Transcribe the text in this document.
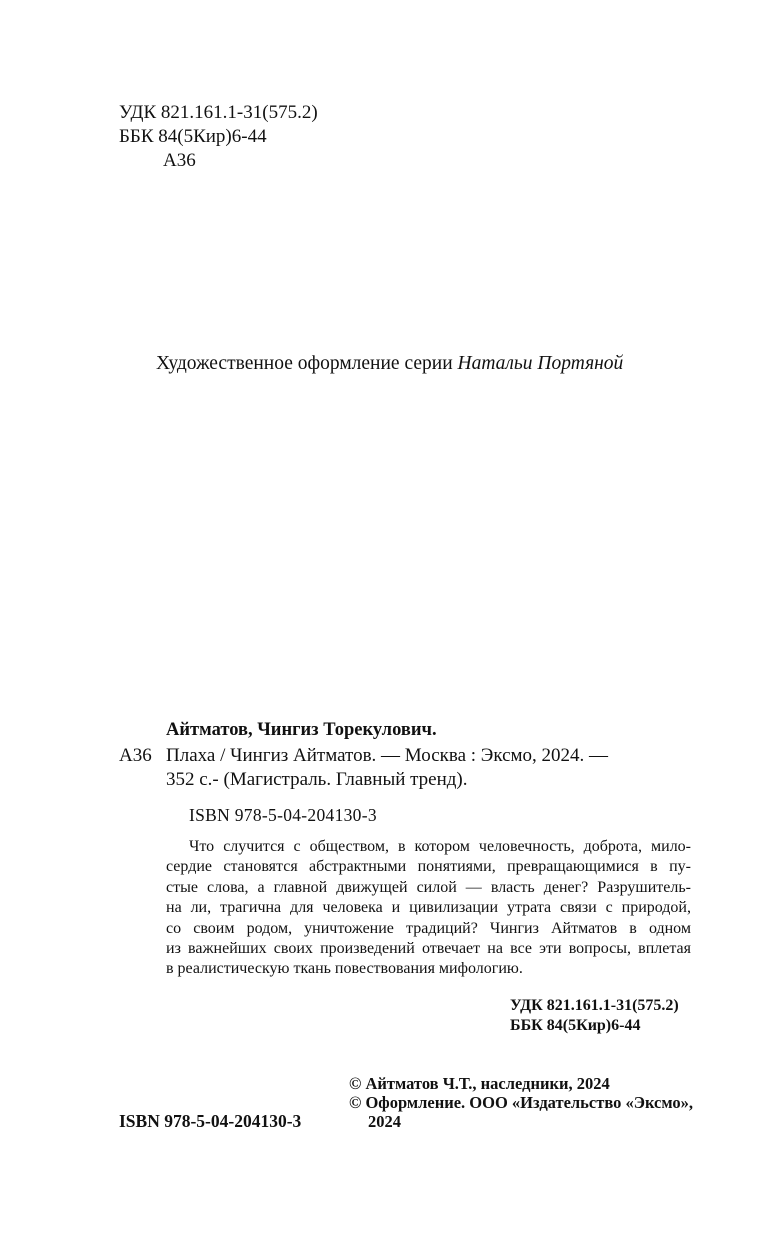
УДК 821.161.1-31(575.2)
ББК 84(5Кир)6-44
А36
Художественное оформление серии Натальи Портяной
Айтматов, Чингиз Торекулович.
А36 Плаха / Чингиз Айтматов. — Москва : Эксмо, 2024. —
352 с.- (Магистраль. Главный тренд).
ISBN 978-5-04-204130-3
Что случится с обществом, в котором человечность, доброта, мило-
сердие становятся абстрактными понятиями, превращающимися в пу-
стые слова, а главной движущей силой — власть денег? Разрушитель-
на ли, трагична для человека и цивилизации утрата связи с природой,
со своим родом, уничтожение традиций? Чингиз Айтматов в одном
из важнейших своих произведений отвечает на все эти вопросы, вплетая
в реалистическую ткань повествования мифологию.
УДК 821.161.1-31(575.2)
ББК 84(5Кир)6-44
© Айтматов Ч.Т., наследники, 2024
© Оформление. ООО «Издательство «Эксмо»,
2024
ISBN 978-5-04-204130-3
